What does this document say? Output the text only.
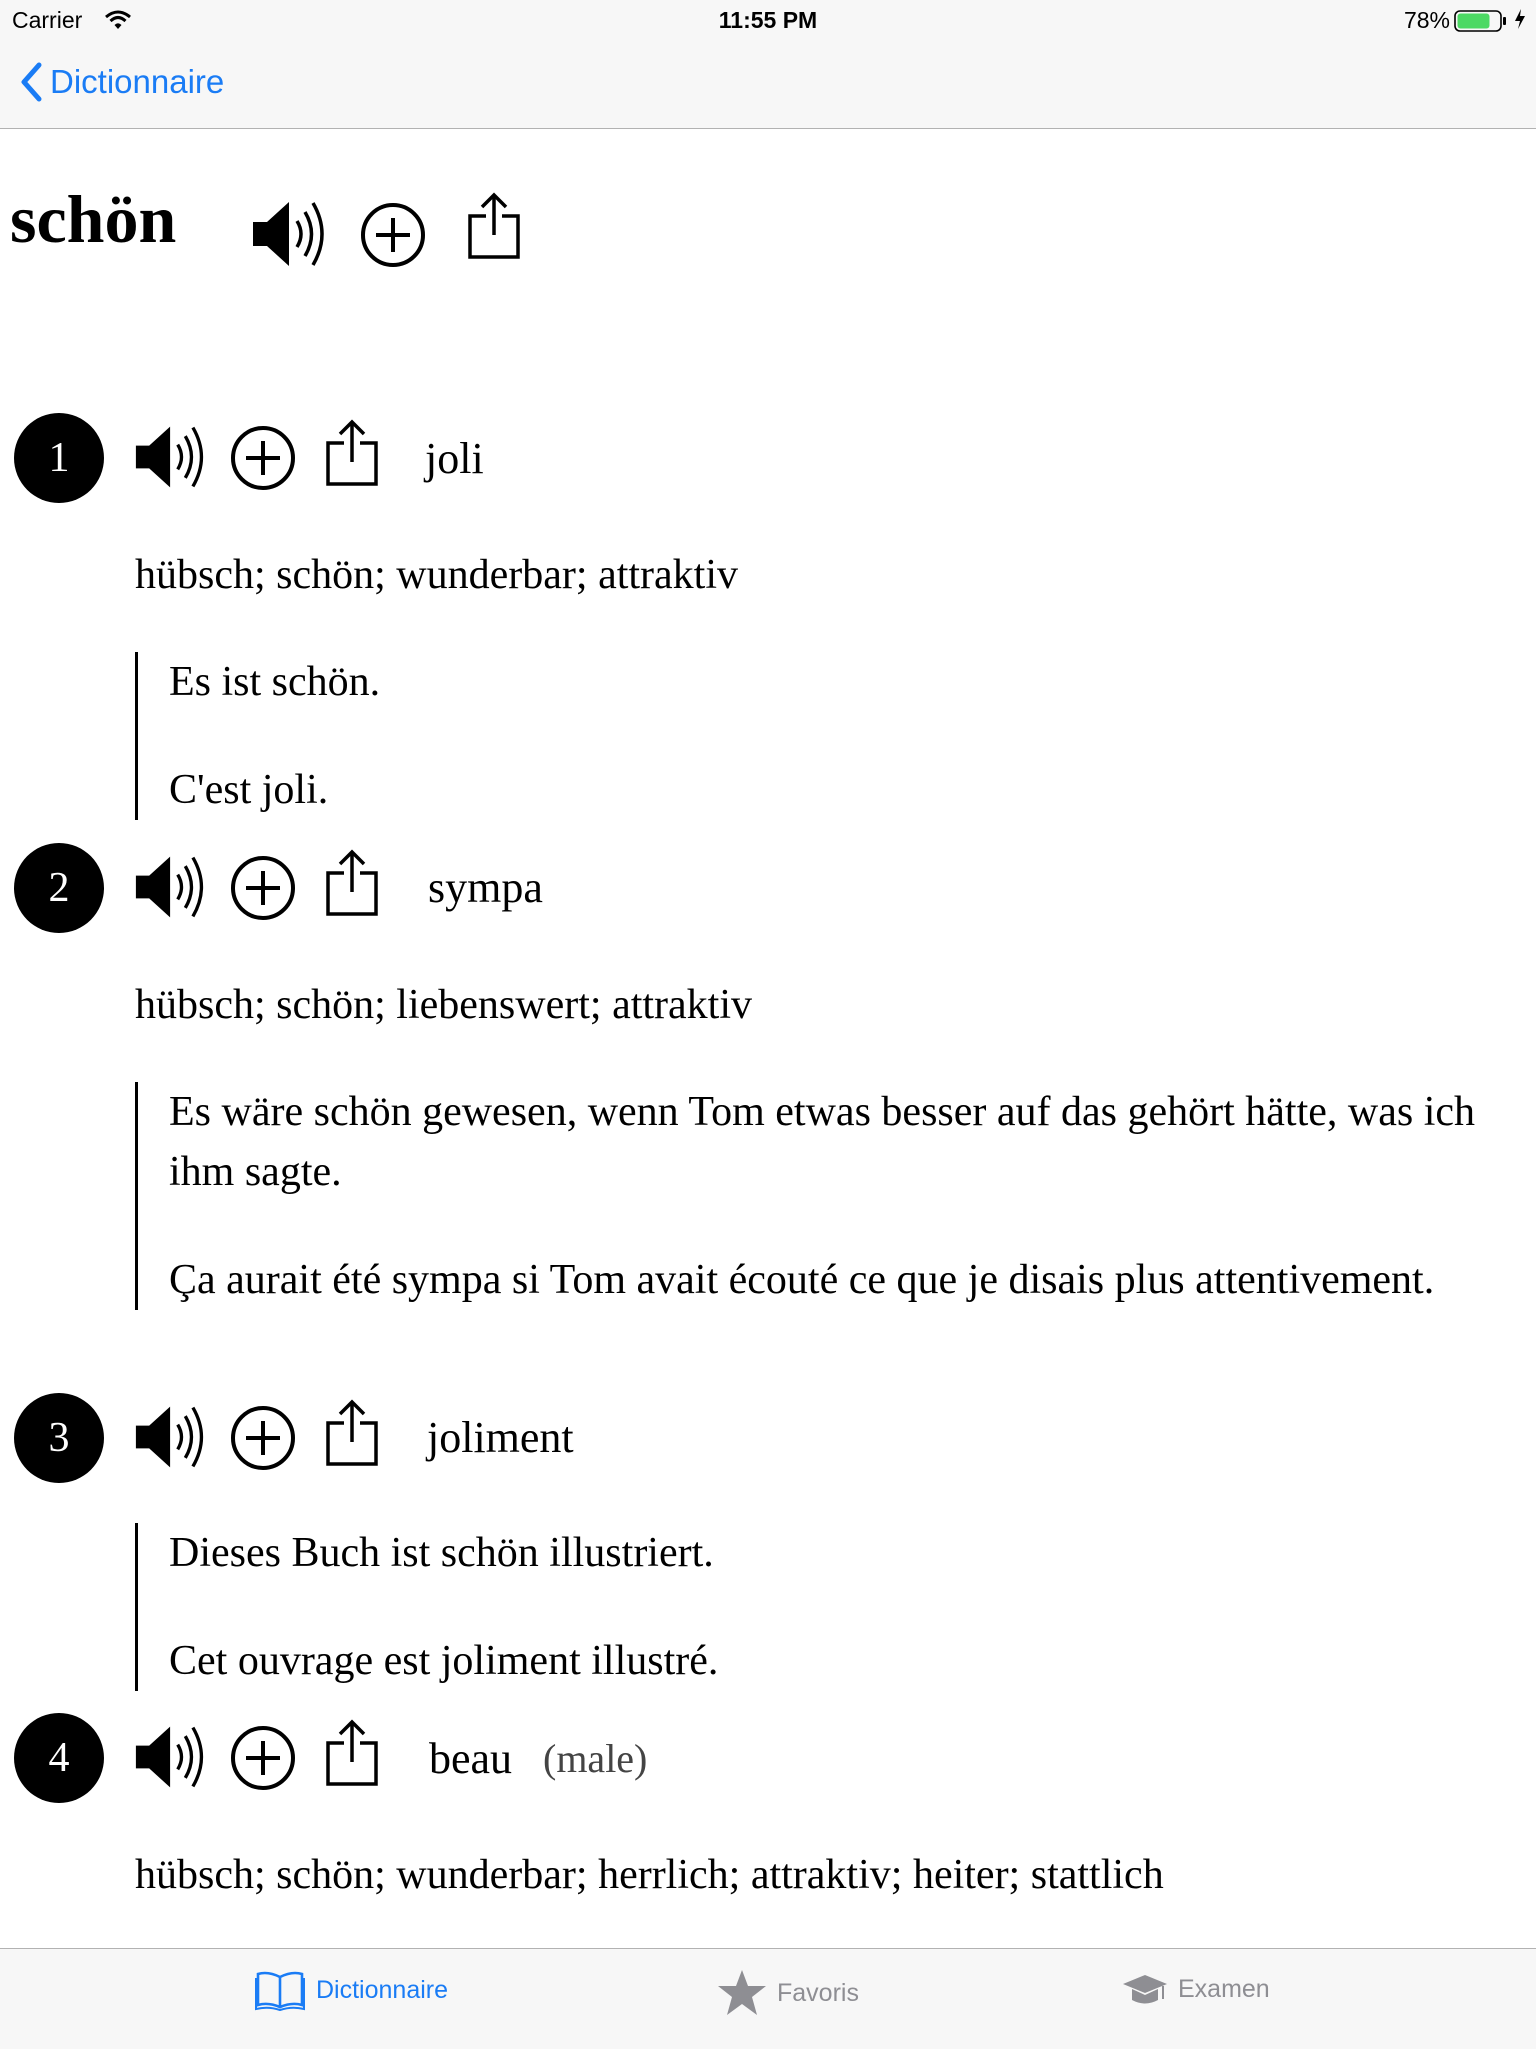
Carrier	11:55 PM	78%
Dictionnaire
schön
1	joli
hübsch; schön; wunderbar; attraktiv

Es ist schön.

C'est joli.

2	sympa
hübsch; schön; liebenswert; attraktiv

Es wäre schön gewesen, wenn Tom etwas besser auf das gehört hätte, was ich ihm sagte.

Ça aurait été sympa si Tom avait écouté ce que je disais plus attentivement.

3	joliment

Dieses Buch ist schön illustriert.

Cet ouvrage est joliment illustré.

4	beau (male)
hübsch; schön; wunderbar; herrlich; attraktiv; heiter; stattlich
Dictionnaire	Favoris	Examen
